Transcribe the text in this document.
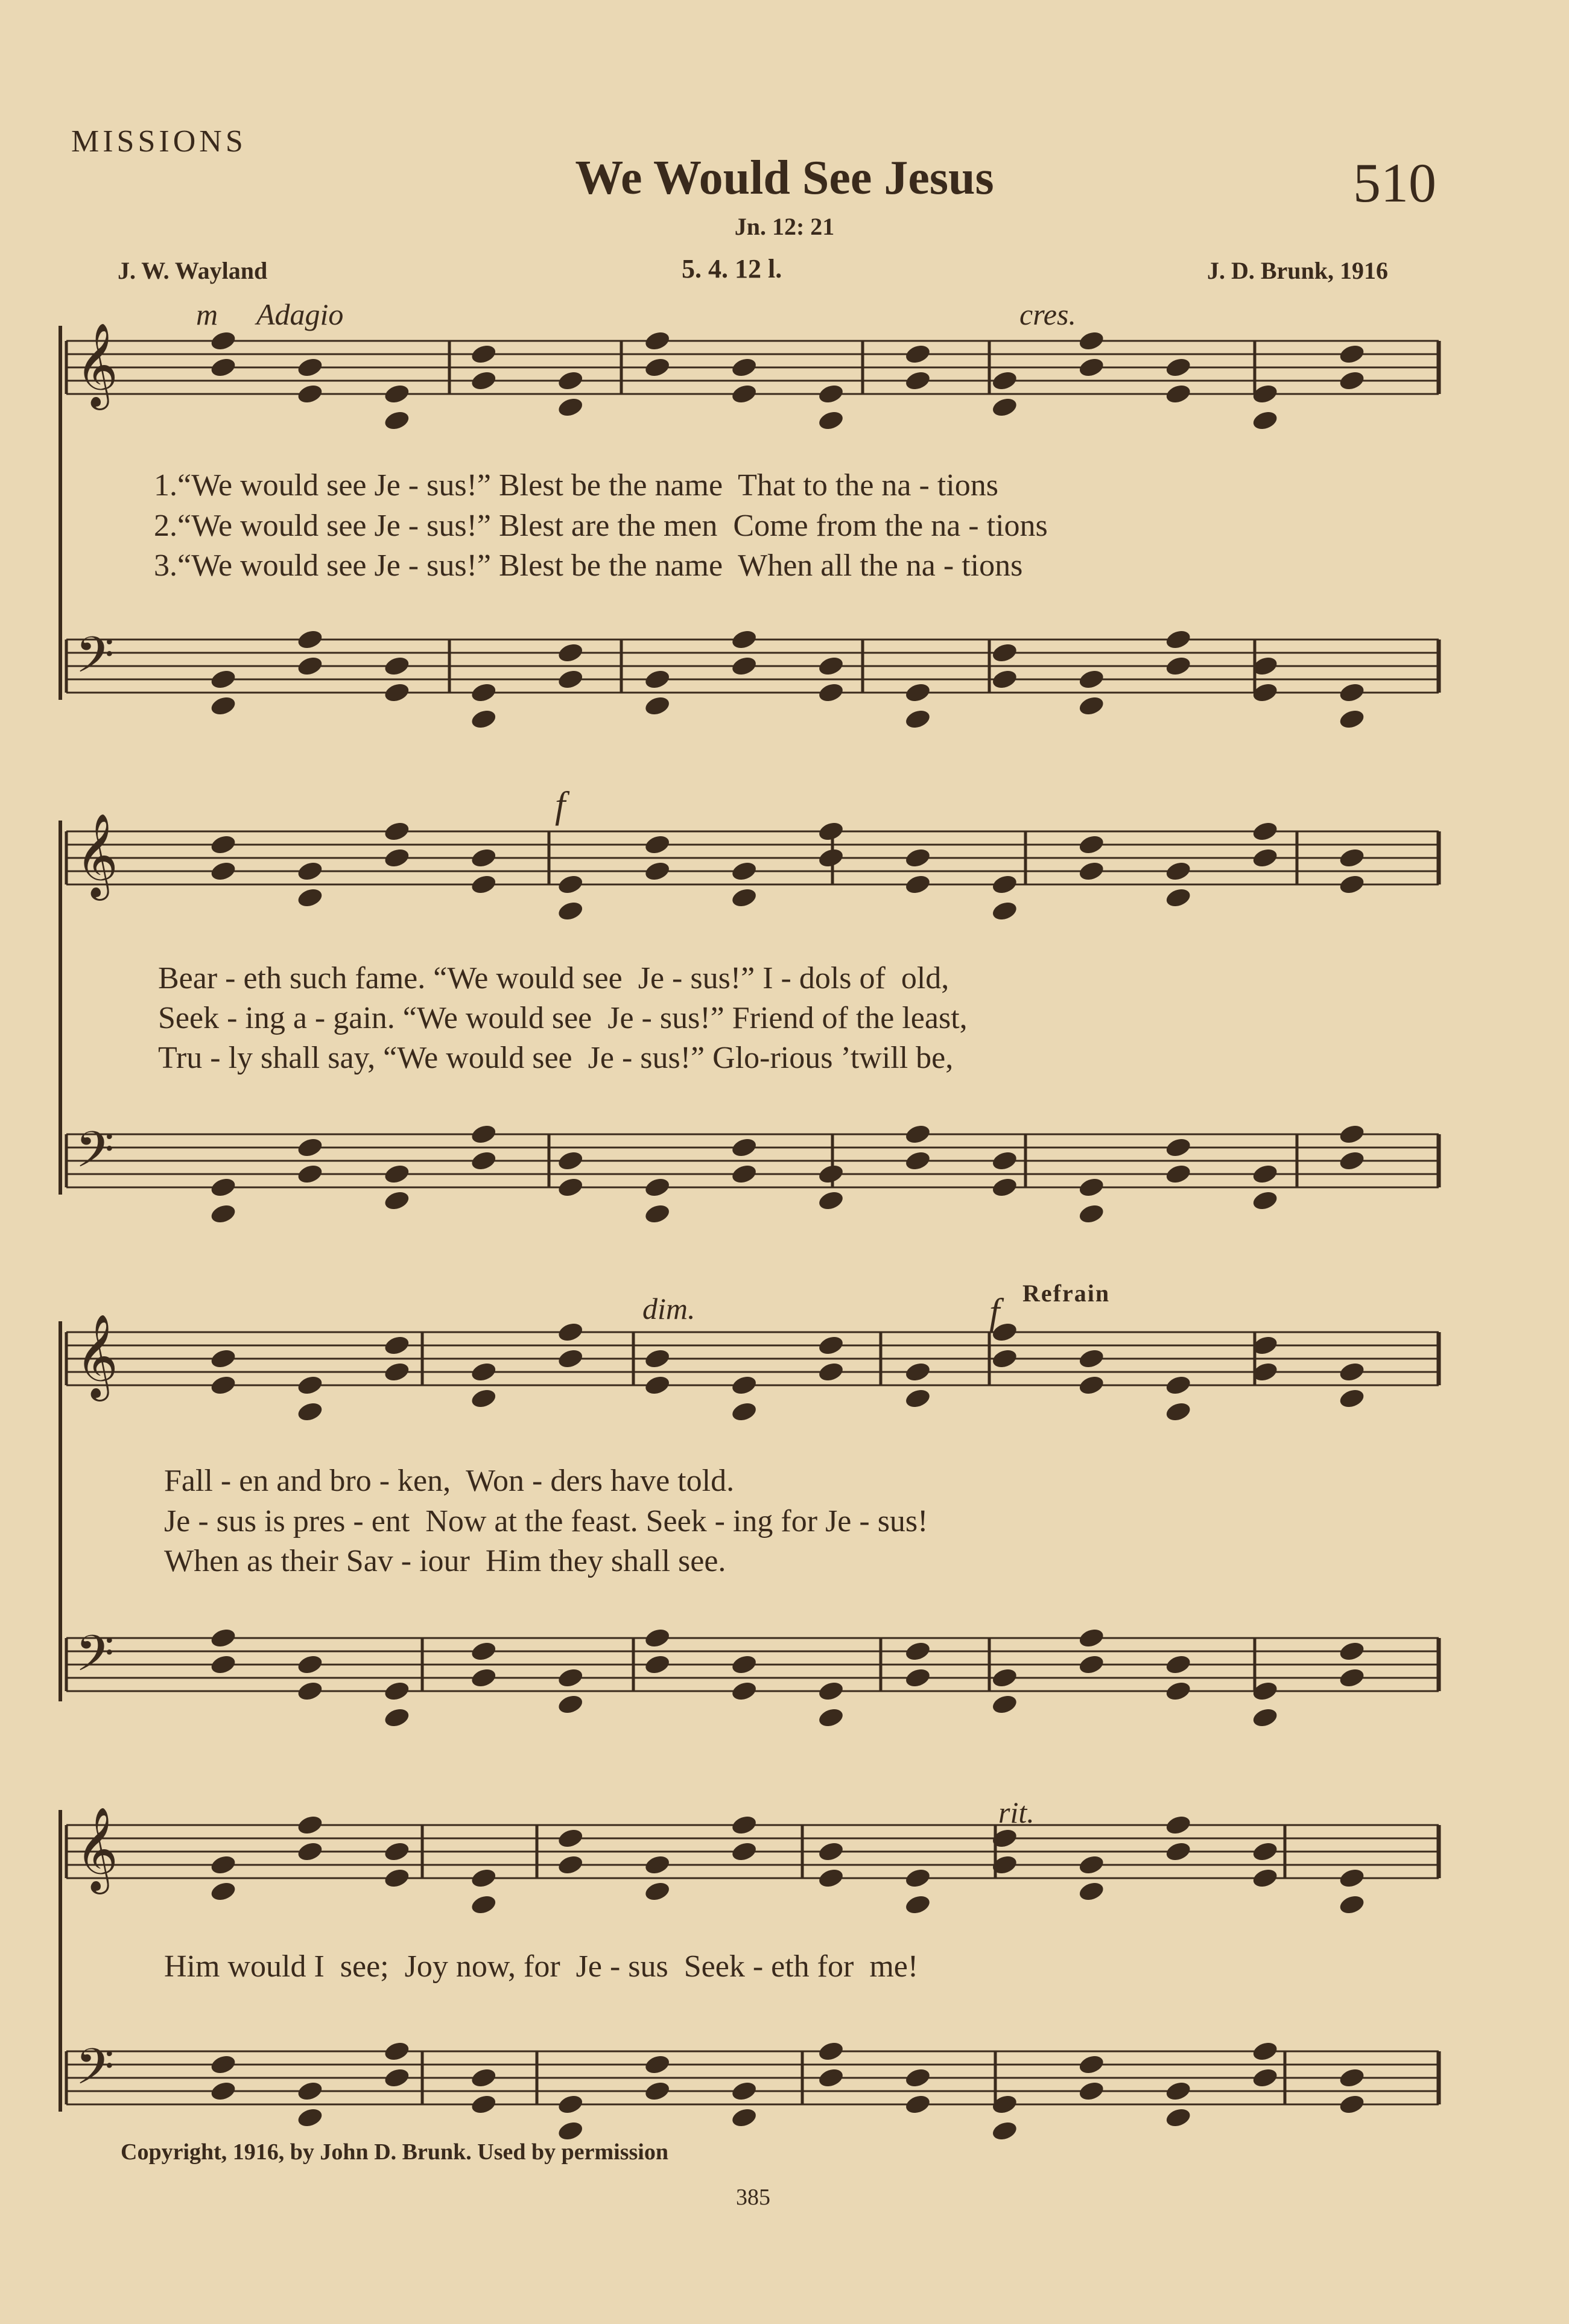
MISSIONS
We Would See Jesus	510
Jn. 12: 21
J. W. Wayland	5. 4. 12 l.	J. D. Brunk, 1916
𝄞
𝄢
𝄞
𝄢
𝄞
𝄢
𝄞
𝄢
m Adagio	cres.
f
dim.	f Refrain
rit.
1.“We would see Je - sus!” Blest be the name  That to the na - tions
2.“We would see Je - sus!” Blest are the men  Come from the na - tions
3.“We would see Je - sus!” Blest be the name  When all the na - tions
Bear - eth such fame. “We would see  Je - sus!” I - dols of  old,
Seek - ing a - gain. “We would see  Je - sus!” Friend of the least,
Tru - ly shall say, “We would see  Je - sus!” Glo-rious ’twill be,
Fall - en and bro - ken,  Won - ders have told.
Je - sus is pres - ent  Now at the feast. Seek - ing for Je - sus!
When as their Sav - iour  Him they shall see.
Him would I  see;  Joy now, for  Je - sus  Seek - eth for  me!
Copyright, 1916, by John D. Brunk. Used by permission
385
